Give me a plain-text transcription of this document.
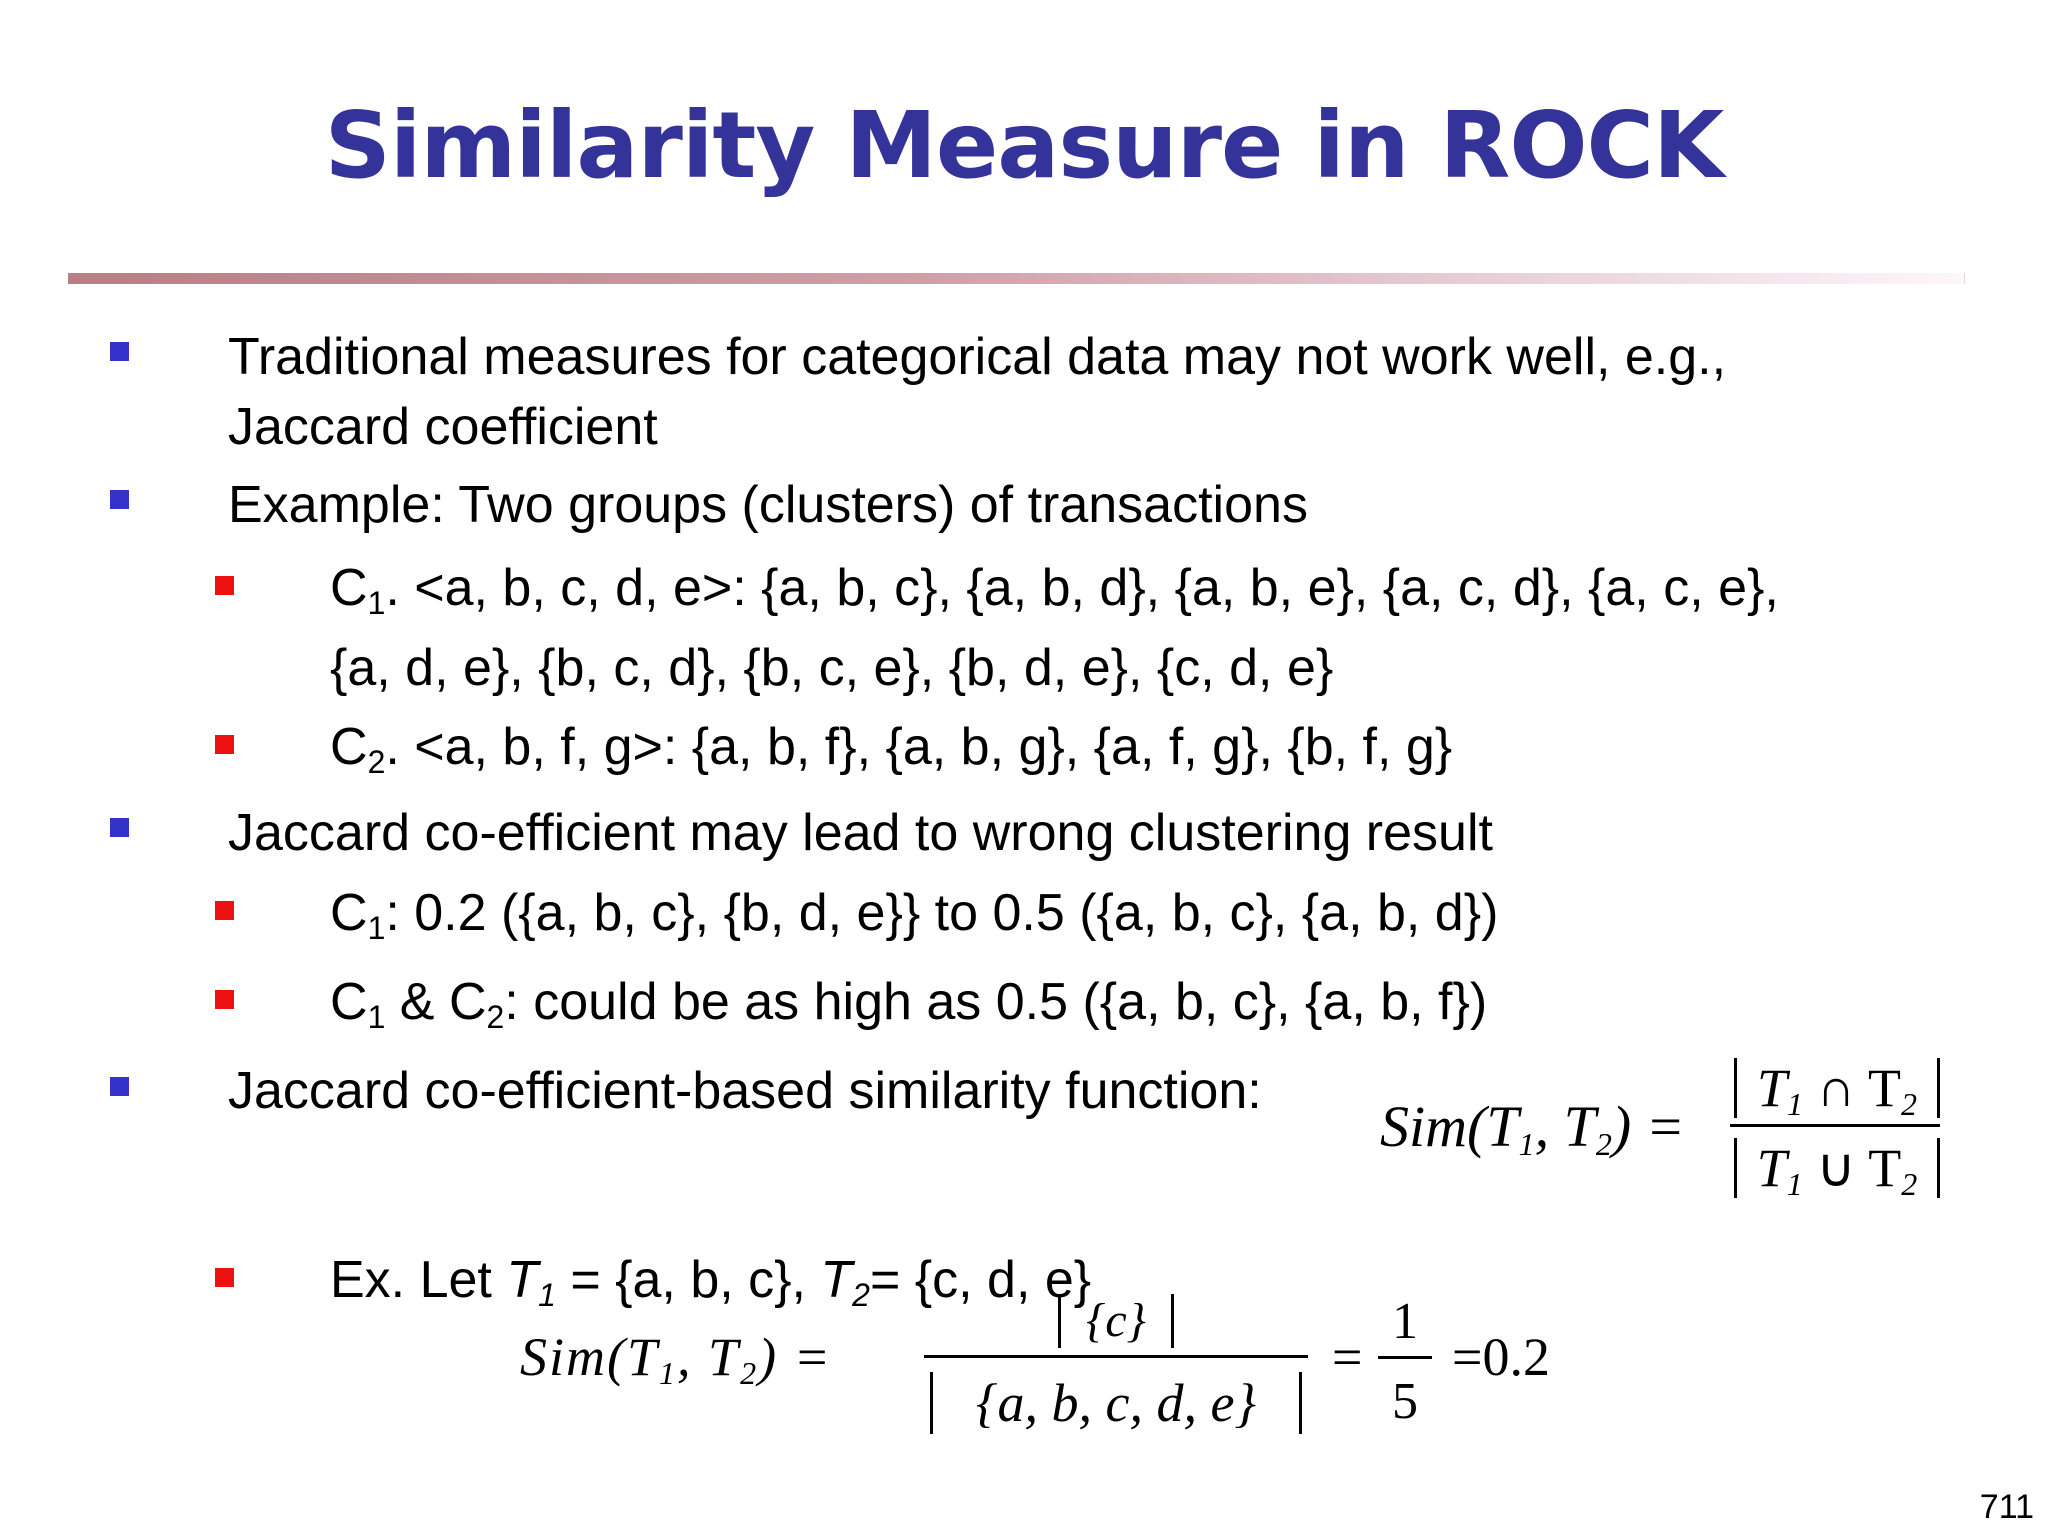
Similarity Measure in ROCK
Traditional measures for categorical data may not work well, e.g.,
Jaccard coefficient
Example: Two groups (clusters) of transactions
$C_1$. <a, b, c, d, e>: {a, b, c}, {a, b, d}, {a, b, e}, {a, c, d}, {a, c, e},
{a, d, e}, {b, c, d}, {b, c, e}, {b, d, e}, {c, d, e}
$C_2$. <a, b, f, g>: {a, b, f}, {a, b, g}, {a, f, g}, {b, f, g}
Jaccard co-efficient may lead to wrong clustering result
$C_1$: 0.2 ({a, b, c}, {b, d, e}} to 0.5 ({a, b, c}, {a, b, d})
$C_1$ & $C_2$: could be as high as 0.5 ({a, b, c}, {a, b, f})
Jaccard co-efficient-based similarity function:
$Sim(T_1$, $T_2$) =
$T_1$ ∩ $T_2$
$T_1$ ∪ $T_2$
Ex. Let $T_1 = \{a$, b, c}, $T_2= \{c$, d, e}
$Sim(T_1$, $T_2$) =
{c}
{a, b, c, d, e}
=
1
5
=0.2
711
